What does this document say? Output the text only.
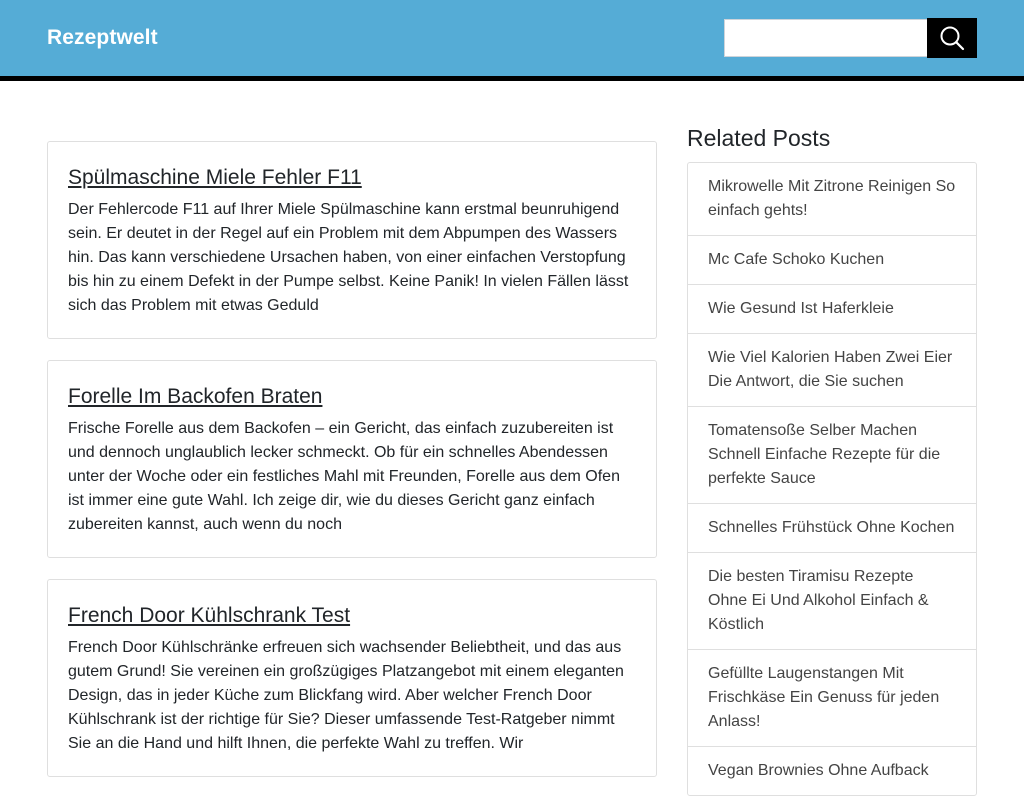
Rezeptwelt
Spülmaschine Miele Fehler F11

Der Fehlercode F11 auf Ihrer Miele Spülmaschine kann erstmal beunruhigend sein. Er deutet in der Regel auf ein Problem mit dem Abpumpen des Wassers hin. Das kann verschiedene Ursachen haben, von einer einfachen Verstopfung bis hin zu einem Defekt in der Pumpe selbst. Keine Panik! In vielen Fällen lässt sich das Problem mit etwas Geduld

Forelle Im Backofen Braten

Frische Forelle aus dem Backofen – ein Gericht, das einfach zuzubereiten ist und dennoch unglaublich lecker schmeckt. Ob für ein schnelles Abendessen unter der Woche oder ein festliches Mahl mit Freunden, Forelle aus dem Ofen ist immer eine gute Wahl. Ich zeige dir, wie du dieses Gericht ganz einfach zubereiten kannst, auch wenn du noch

French Door Kühlschrank Test

French Door Kühlschränke erfreuen sich wachsender Beliebtheit, und das aus gutem Grund! Sie vereinen ein großzügiges Platzangebot mit einem eleganten Design, das in jeder Küche zum Blickfang wird. Aber welcher French Door Kühlschrank ist der richtige für Sie? Dieser umfassende Test-Ratgeber nimmt Sie an die Hand und hilft Ihnen, die perfekte Wahl zu treffen. Wir

Related Posts
Mikrowelle Mit Zitrone Reinigen So einfach gehts!
Mc Cafe Schoko Kuchen
Wie Gesund Ist Haferkleie
Wie Viel Kalorien Haben Zwei Eier Die Antwort, die Sie suchen
Tomatensoße Selber Machen Schnell Einfache Rezepte für die perfekte Sauce
Schnelles Frühstück Ohne Kochen
Die besten Tiramisu Rezepte Ohne Ei Und Alkohol Einfach & Köstlich
Gefüllte Laugenstangen Mit Frischkäse Ein Genuss für jeden Anlass!
Vegan Brownies Ohne Aufback
